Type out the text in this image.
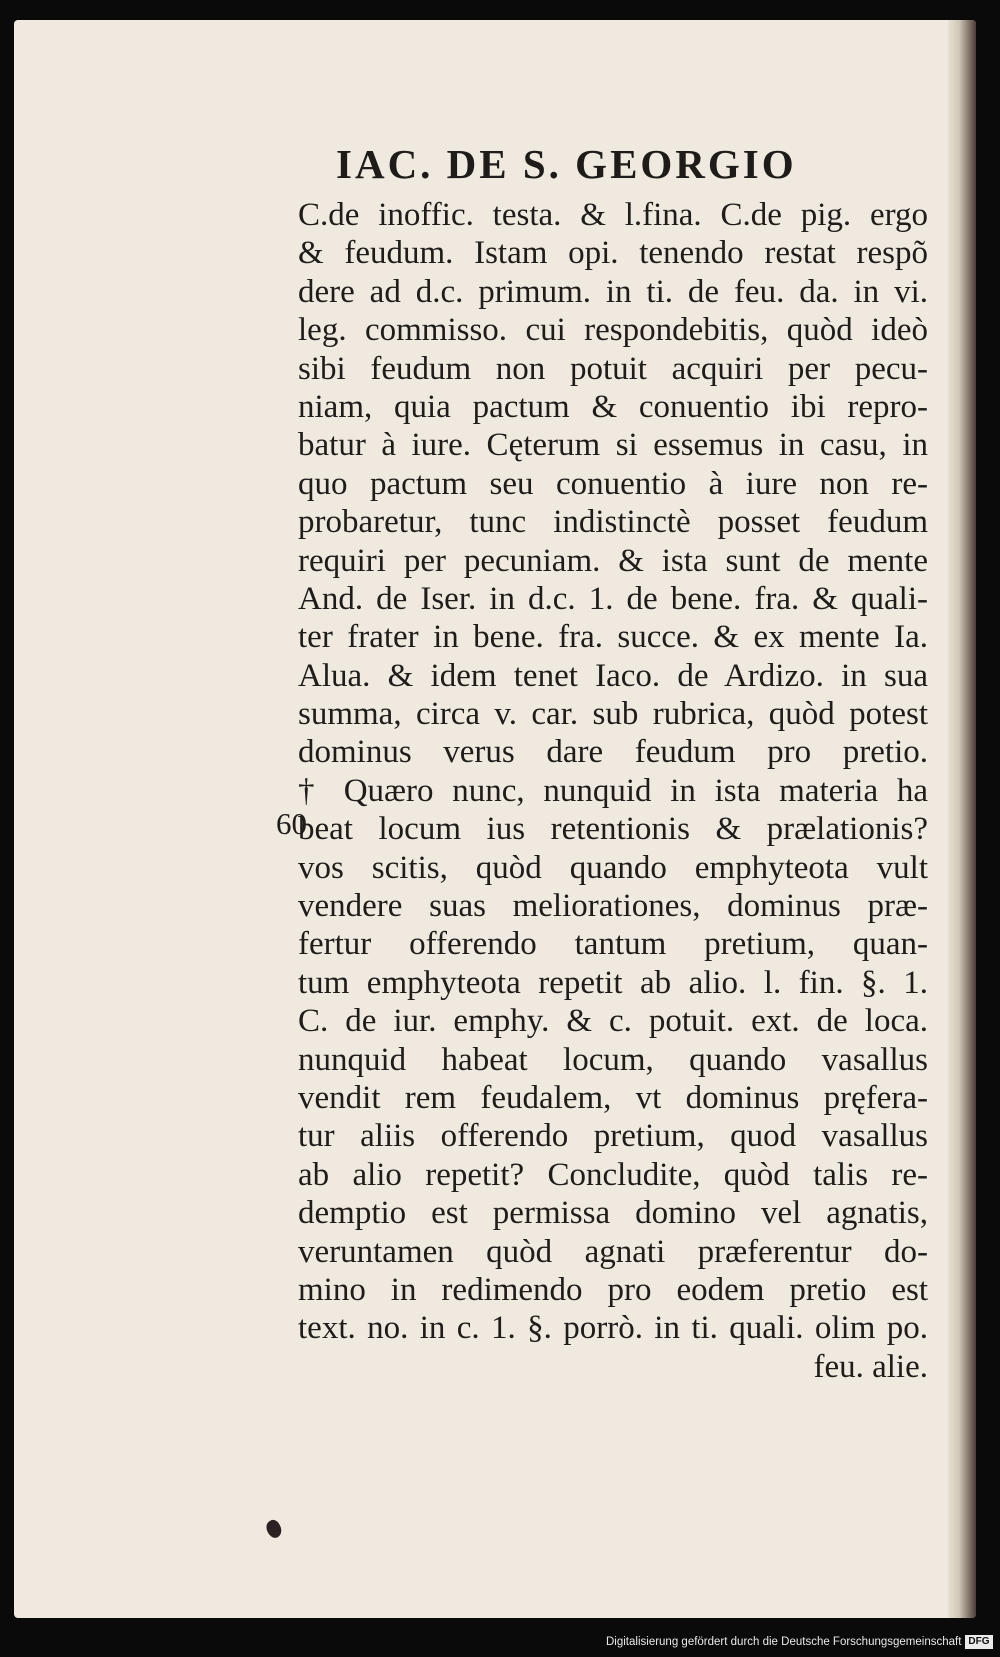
IAC. DE S. GEORGIO
60
C.de inoffic. testa. & l.fina. C.de pig. ergo
& feudum. Istam opi. tenendo restat respõ
dere ad d.c. primum. in ti. de feu. da. in vi.
leg. commisso. cui respondebitis, quòd ideò
sibi feudum non potuit acquiri per pecu-
niam, quia pactum & conuentio ibi repro-
batur à iure. Cęterum si essemus in casu, in
quo pactum seu conuentio à iure non re-
probaretur, tunc indistinctè posset feudum
requiri per pecuniam. & ista sunt de mente
And. de Iser. in d.c. 1. de bene. fra. & quali-
ter frater in bene. fra. succe. & ex mente Ia.
Alua. & idem tenet Iaco. de Ardizo. in sua
summa, circa v. car. sub rubrica, quòd potest
dominus verus dare feudum pro pretio.
† Quæro nunc, nunquid in ista materia ha
beat locum ius retentionis & prælationis?
vos scitis, quòd quando emphyteota vult
vendere suas meliorationes, dominus præ-
fertur offerendo tantum pretium, quan-
tum emphyteota repetit ab alio. l. fin. §. 1.
C. de iur. emphy. & c. potuit. ext. de loca.
nunquid habeat locum, quando vasallus
vendit rem feudalem, vt dominus pręfera-
tur aliis offerendo pretium, quod vasallus
ab alio repetit? Concludite, quòd talis re-
demptio est permissa domino vel agnatis,
veruntamen quòd agnati præferentur do-
mino in redimendo pro eodem pretio est
text. no. in c. 1. §. porrò. in ti. quali. olim po.
feu. alie.
Digitalisierung gefördert durch die Deutsche Forschungsgemeinschaft DFG
